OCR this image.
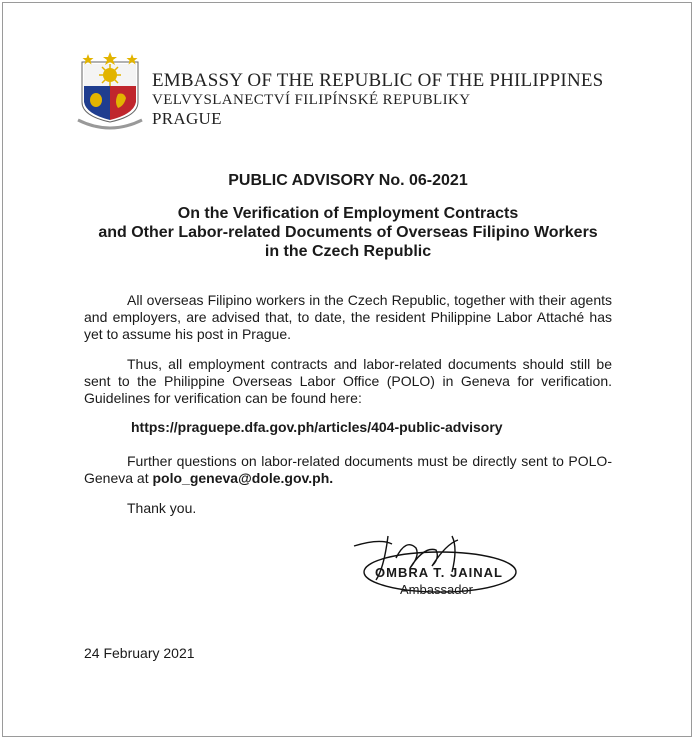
EMBASSY OF THE REPUBLIC OF THE PHILIPPINES
VELVYSLANECTVÍ FILIPÍNSKÉ REPUBLIKY
PRAGUE
PUBLIC ADVISORY No. 06-2021
On the Verification of Employment Contracts
and Other Labor-related Documents of Overseas Filipino Workers
in the Czech Republic
All overseas Filipino workers in the Czech Republic, together with their agents and employers, are advised that, to date, the resident Philippine Labor Attaché has yet to assume his post in Prague.
Thus, all employment contracts and labor-related documents should still be sent to the Philippine Overseas Labor Office (POLO) in Geneva for verification. Guidelines for verification can be found here:
https://praguepe.dfa.gov.ph/articles/404-public-advisory
Further questions on labor-related documents must be directly sent to POLO-Geneva at polo_geneva@dole.gov.ph.
Thank you.
OMBRA T. JAINAL
Ambassador
24 February 2021
